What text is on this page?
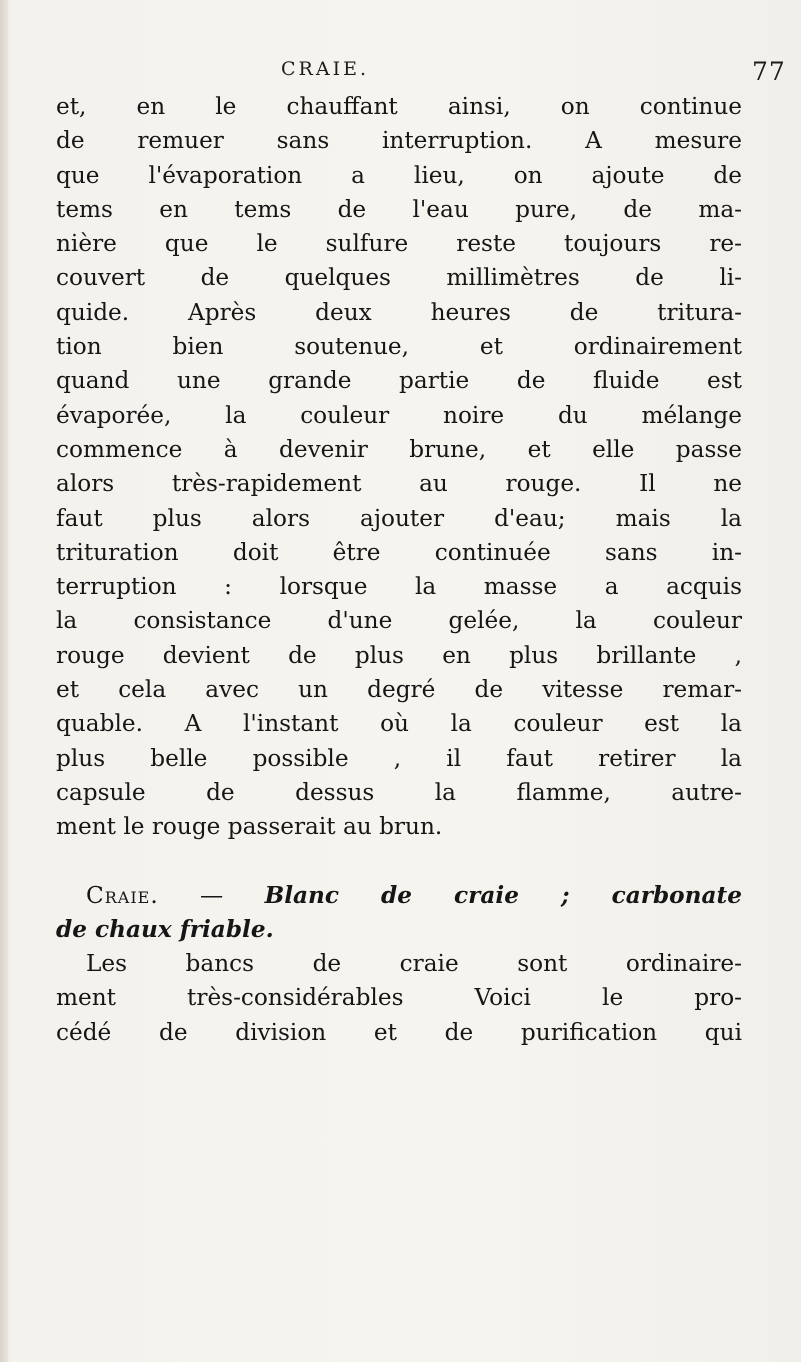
CRAIE.	77
et, en le chauffant ainsi, on continue
de remuer sans interruption. A mesure
que l'évaporation a lieu, on ajoute de
tems en tems de l'eau pure, de ma-
nière que le sulfure reste toujours re-
couvert de quelques millimètres de li-
quide. Après deux heures de tritura-
tion bien soutenue, et ordinairement
quand une grande partie de fluide est
évaporée, la couleur noire du mélange
commence à devenir brune, et elle passe
alors très-rapidement au rouge. Il ne
faut plus alors ajouter d'eau; mais la
trituration doit être continuée sans in-
terruption : lorsque la masse a acquis
la consistance d'une gelée, la couleur
rouge devient de plus en plus brillante ,
et cela avec un degré de vitesse remar-
quable. A l'instant où la couleur est la
plus belle possible , il faut retirer la
capsule de dessus la flamme, autre-
ment le rouge passerait au brun.
Craie. — Blanc de craie ; carbonate
de chaux friable.
Les bancs de craie sont ordinaire-
ment très-considérables Voici le pro-
cédé de division et de purification qui
